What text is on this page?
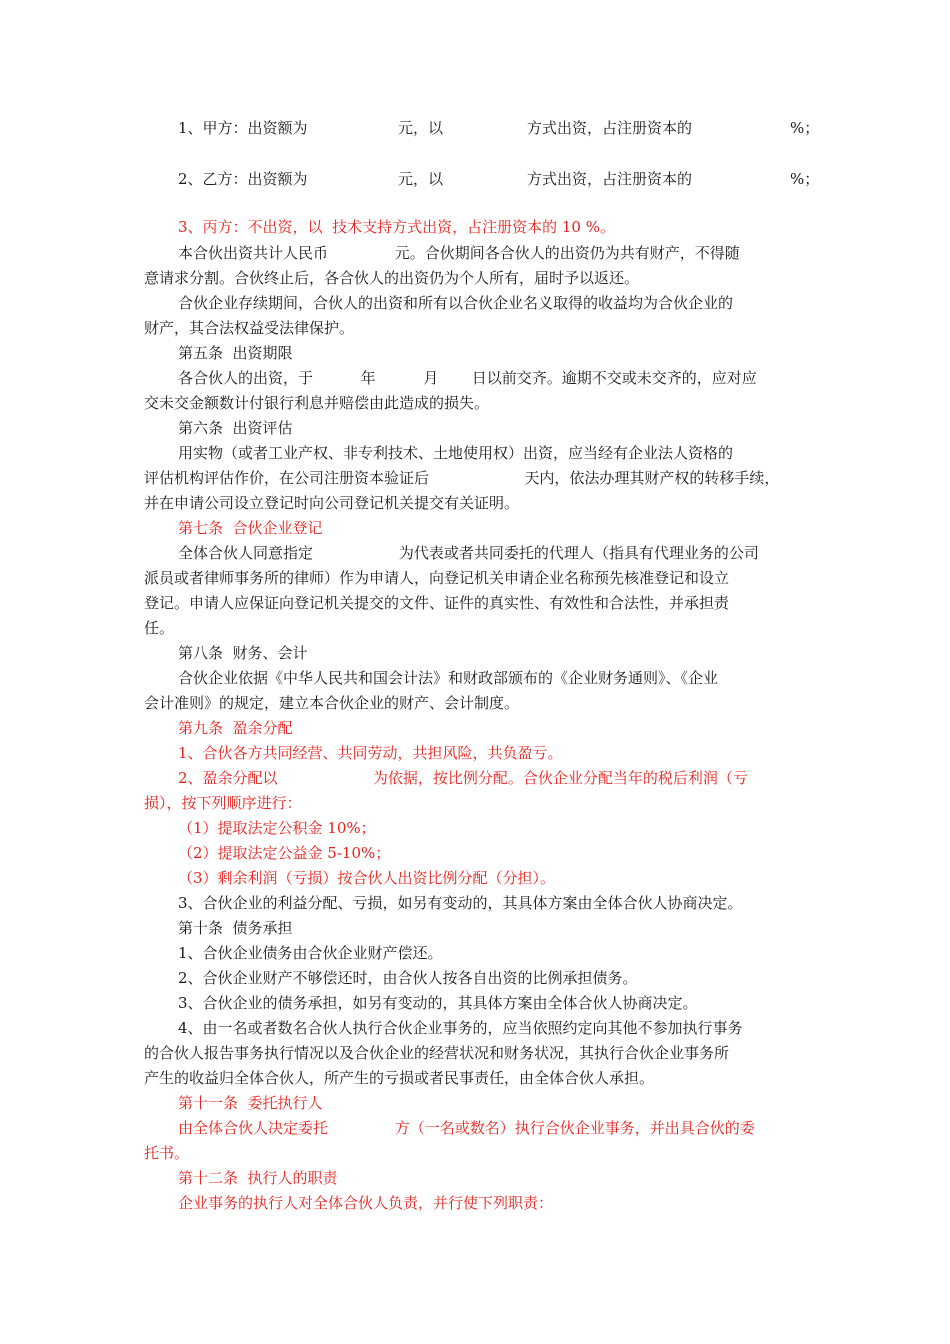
1、甲方：出资额为	元，以	方式出资，占注册资本的	%；
2、乙方：出资额为	元，以	方式出资，占注册资本的	%；
3、丙方：不出资，以  技术支持方式出资，占注册资本的 10 %。
本合伙出资共计人民币              元。合伙期间各合伙人的出资仍为共有财产，不得随
意请求分割。合伙终止后，各合伙人的出资仍为个人所有，届时予以返还。
合伙企业存续期间，合伙人的出资和所有以合伙企业名义取得的收益均为合伙企业的
财产，其合法权益受法律保护。
第五条  出资期限
各合伙人的出资，于          年          月       日以前交齐。逾期不交或未交齐的，应对应
交未交金额数计付银行利息并赔偿由此造成的损失。
第六条  出资评估
用实物（或者工业产权、非专利技术、土地使用权）出资，应当经有企业法人资格的
评估机构评估作价，在公司注册资本验证后                    天内，依法办理其财产权的转移手续，
并在申请公司设立登记时向公司登记机关提交有关证明。
第七条  合伙企业登记
全体合伙人同意指定                  为代表或者共同委托的代理人（指具有代理业务的公司
派员或者律师事务所的律师）作为申请人，向登记机关申请企业名称预先核准登记和设立
登记。申请人应保证向登记机关提交的文件、证件的真实性、有效性和合法性，并承担责
任。
第八条  财务、会计
合伙企业依据《中华人民共和国会计法》和财政部颁布的《企业财务通则》、《企业
会计准则》的规定，建立本合伙企业的财产、会计制度。
第九条  盈余分配
1、合伙各方共同经营、共同劳动，共担风险，共负盈亏。
2、盈余分配以                    为依据，按比例分配。合伙企业分配当年的税后利润（亏
损），按下列顺序进行：
（1）提取法定公积金 10%；
（2）提取法定公益金 5-10%；
（3）剩余利润（亏损）按合伙人出资比例分配（分担）。
3、合伙企业的利益分配、亏损，如另有变动的，其具体方案由全体合伙人协商决定。
第十条  债务承担
1、合伙企业债务由合伙企业财产偿还。
2、合伙企业财产不够偿还时，由合伙人按各自出资的比例承担债务。
3、合伙企业的债务承担，如另有变动的，其具体方案由全体合伙人协商决定。
4、由一名或者数名合伙人执行合伙企业事务的，应当依照约定向其他不参加执行事务
的合伙人报告事务执行情况以及合伙企业的经营状况和财务状况，其执行合伙企业事务所
产生的收益归全体合伙人，所产生的亏损或者民事责任，由全体合伙人承担。
第十一条  委托执行人
由全体合伙人决定委托              方（一名或数名）执行合伙企业事务，并出具合伙的委
托书。
第十二条  执行人的职责
企业事务的执行人对全体合伙人负责，并行使下列职责：
